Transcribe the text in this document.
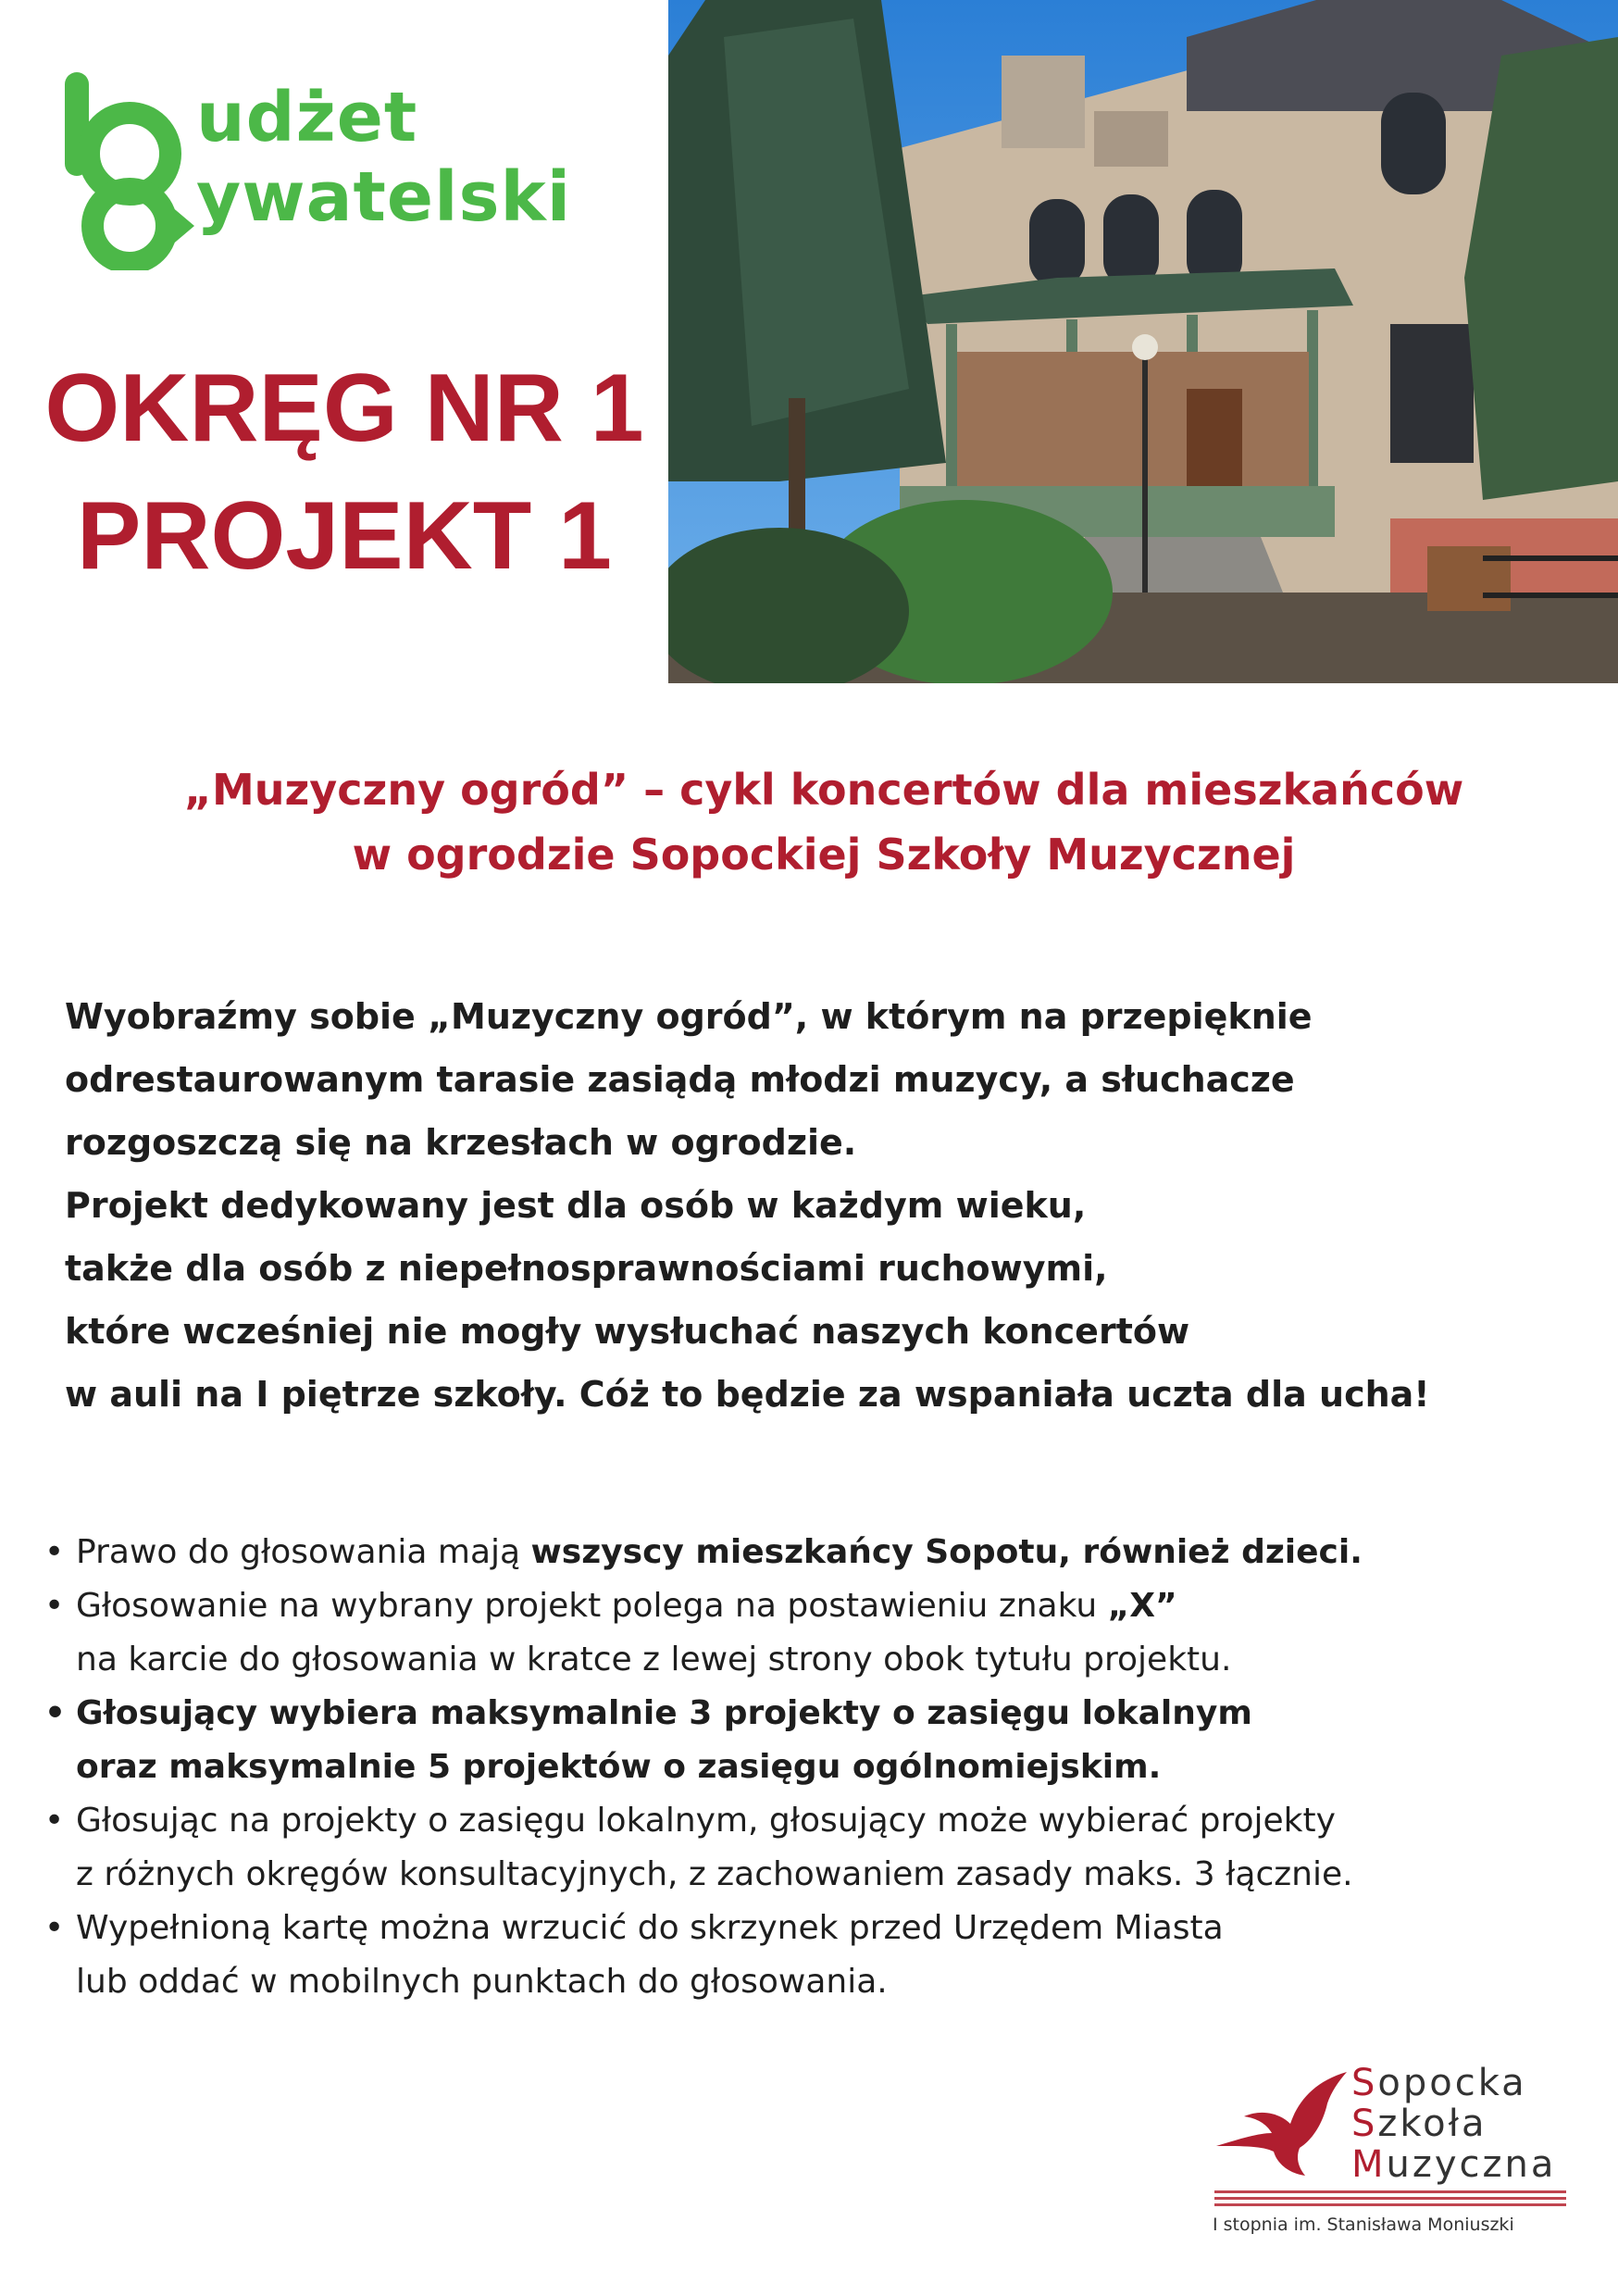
udżet
ywatelski
OKRĘG NR 1
PROJEKT 1
„Muzyczny ogród” – cykl koncertów dla mieszkańców
w ogrodzie Sopockiej Szkoły Muzycznej
Wyobraźmy sobie „Muzyczny ogród”, w którym na przepięknie
odrestaurowanym tarasie zasiądą młodzi muzycy, a słuchacze
rozgoszczą się na krzesłach w ogrodzie.
Projekt dedykowany jest dla osób w każdym wieku,
także dla osób z niepełnosprawnościami ruchowymi,
które wcześniej nie mogły wysłuchać naszych koncertów
w auli na I piętrze szkoły. Cóż to będzie za wspaniała uczta dla ucha!
• Prawo do głosowania mają wszyscy mieszkańcy Sopotu, również dzieci.
• Głosowanie na wybrany projekt polega na postawieniu znaku „X”
na karcie do głosowania w kratce z lewej strony obok tytułu projektu.
• Głosujący wybiera maksymalnie 3 projekty o zasięgu lokalnym
oraz maksymalnie 5 projektów o zasięgu ogólnomiejskim.
• Głosując na projekty o zasięgu lokalnym, głosujący może wybierać projekty
z różnych okręgów konsultacyjnych, z zachowaniem zasady maks. 3 łącznie.
• Wypełnioną kartę można wrzucić do skrzynek przed Urzędem Miasta
lub oddać w mobilnych punktach do głosowania.
Sopocka
Szkoła
Muzyczna
I stopnia im. Stanisława Moniuszki
